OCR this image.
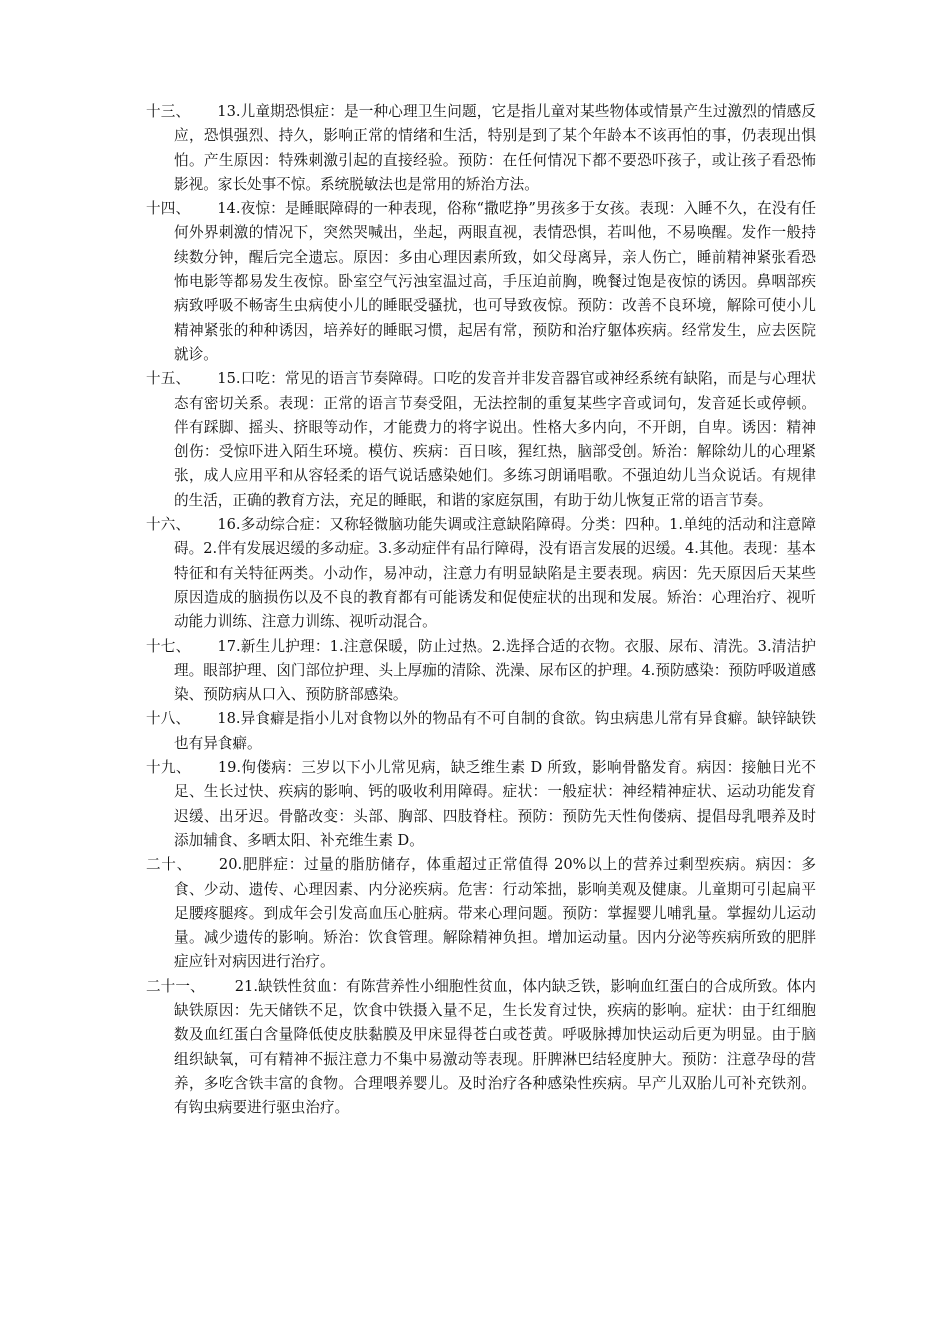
十三、 13.儿童期恐惧症：是一种心理卫生问题，它是指儿童对某些物体或情景产生过激烈的情感反应，恐惧强烈、持久，影响正常的情绪和生活，特别是到了某个年龄本不该再怕的事，仍表现出惧怕。产生原因：特殊刺激引起的直接经验。预防：在任何情况下都不要恐吓孩子，或让孩子看恐怖影视。家长处事不惊。系统脱敏法也是常用的矫治方法。

十四、 14.夜惊：是睡眠障碍的一种表现，俗称“撒呓挣”男孩多于女孩。表现：入睡不久，在没有任何外界刺激的情况下，突然哭喊出，坐起，两眼直视，表情恐惧，若叫他，不易唤醒。发作一般持续数分钟，醒后完全遗忘。原因：多由心理因素所致，如父母离异，亲人伤亡，睡前精神紧张看恐怖电影等都易发生夜惊。卧室空气污浊室温过高，手压迫前胸，晚餐过饱是夜惊的诱因。鼻咽部疾病致呼吸不畅寄生虫病使小儿的睡眠受骚扰，也可导致夜惊。预防：改善不良环境，解除可使小儿精神紧张的种种诱因，培养好的睡眠习惯，起居有常，预防和治疗躯体疾病。经常发生，应去医院就诊。

十五、 15.口吃：常见的语言节奏障碍。口吃的发音并非发音器官或神经系统有缺陷，而是与心理状态有密切关系。表现：正常的语言节奏受阻，无法控制的重复某些字音或词句，发音延长或停顿。伴有踩脚、摇头、挤眼等动作，才能费力的将字说出。性格大多内向，不开朗，自卑。诱因：精神创伤：受惊吓进入陌生环境。模仿、疾病：百日咳，猩红热，脑部受创。矫治：解除幼儿的心理紧张，成人应用平和从容轻柔的语气说话感染她们。多练习朗诵唱歌。不强迫幼儿当众说话。有规律的生活，正确的教育方法，充足的睡眠，和谐的家庭氛围，有助于幼儿恢复正常的语言节奏。

十六、 16.多动综合症：又称轻微脑功能失调或注意缺陷障碍。分类：四种。1.单纯的活动和注意障碍。2.伴有发展迟缓的多动症。3.多动症伴有品行障碍，没有语言发展的迟缓。4.其他。表现：基本特征和有关特征两类。小动作，易冲动，注意力有明显缺陷是主要表现。病因：先天原因后天某些原因造成的脑损伤以及不良的教育都有可能诱发和促使症状的出现和发展。矫治：心理治疗、视听动能力训练、注意力训练、视听动混合。

十七、 17.新生儿护理：1.注意保暖，防止过热。2.选择合适的衣物。衣服、尿布、清洗。3.清洁护理。眼部护理、囟门部位护理、头上厚痂的清除、洗澡、尿布区的护理。4.预防感染：预防呼吸道感染、预防病从口入、预防脐部感染。

十八、 18.异食癖是指小儿对食物以外的物品有不可自制的食欲。钩虫病患儿常有异食癖。缺锌缺铁也有异食癖。

十九、 19.佝偻病：三岁以下小儿常见病，缺乏维生素 D 所致，影响骨骼发育。病因：接触日光不足、生长过快、疾病的影响、钙的吸收利用障碍。症状：一般症状：神经精神症状、运动功能发育迟缓、出牙迟。骨骼改变：头部、胸部、四肢脊柱。预防：预防先天性佝偻病、提倡母乳喂养及时添加辅食、多晒太阳、补充维生素 D。

二十、 20.肥胖症：过量的脂肪储存，体重超过正常值得 20%以上的营养过剩型疾病。病因：多食、少动、遗传、心理因素、内分泌疾病。危害：行动笨拙，影响美观及健康。儿童期可引起扁平足腰疼腿疼。到成年会引发高血压心脏病。带来心理问题。预防：掌握婴儿哺乳量。掌握幼儿运动量。减少遗传的影响。矫治：饮食管理。解除精神负担。增加运动量。因内分泌等疾病所致的肥胖症应针对病因进行治疗。

二十一、 21.缺铁性贫血：有陈营养性小细胞性贫血，体内缺乏铁，影响血红蛋白的合成所致。体内缺铁原因：先天储铁不足，饮食中铁摄入量不足，生长发育过快，疾病的影响。症状：由于红细胞数及血红蛋白含量降低使皮肤黏膜及甲床显得苍白或苍黄。呼吸脉搏加快运动后更为明显。由于脑组织缺氧，可有精神不振注意力不集中易激动等表现。肝脾淋巴结轻度肿大。预防：注意孕母的营养，多吃含铁丰富的食物。合理喂养婴儿。及时治疗各种感染性疾病。早产儿双胎儿可补充铁剂。有钩虫病要进行驱虫治疗。
